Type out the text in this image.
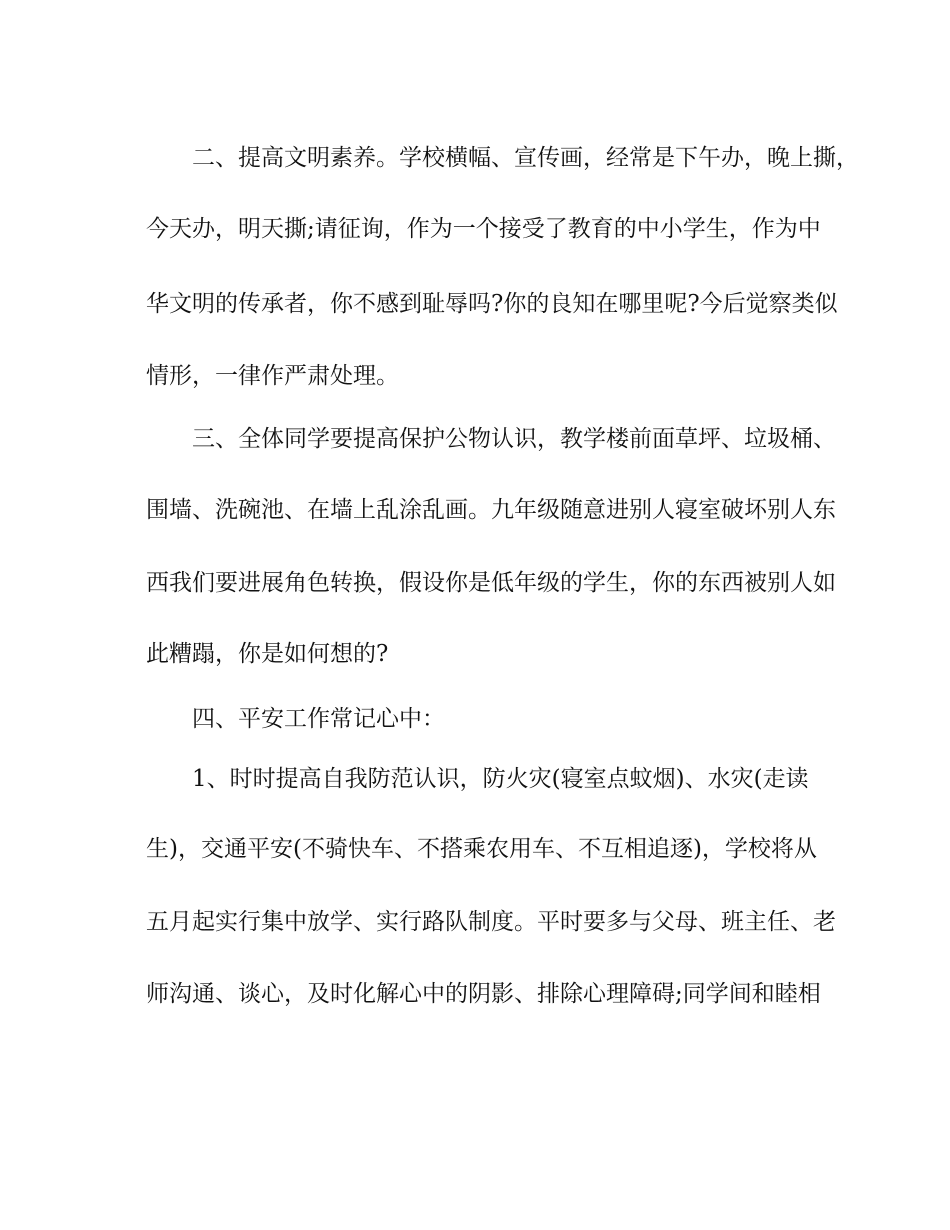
二、提高文明素养。学校横幅、宣传画，经常是下午办，晚上撕，
今天办，明天撕;请征询，作为一个接受了教育的中小学生，作为中
华文明的传承者，你不感到耻辱吗?你的良知在哪里呢?今后觉察类似
情形，一律作严肃处理。
三、全体同学要提高保护公物认识，教学楼前面草坪、垃圾桶、
围墙、洗碗池、在墙上乱涂乱画。九年级随意进别人寝室破坏别人东
西我们要进展角色转换，假设你是低年级的学生，你的东西被别人如
此糟蹋，你是如何想的?
四、平安工作常记心中：
1、时时提高自我防范认识，防火灾(寝室点蚊烟)、水灾(走读
生)，交通平安(不骑快车、不搭乘农用车、不互相追逐)，学校将从
五月起实行集中放学、实行路队制度。平时要多与父母、班主任、老
师沟通、谈心，及时化解心中的阴影、排除心理障碍;同学间和睦相
